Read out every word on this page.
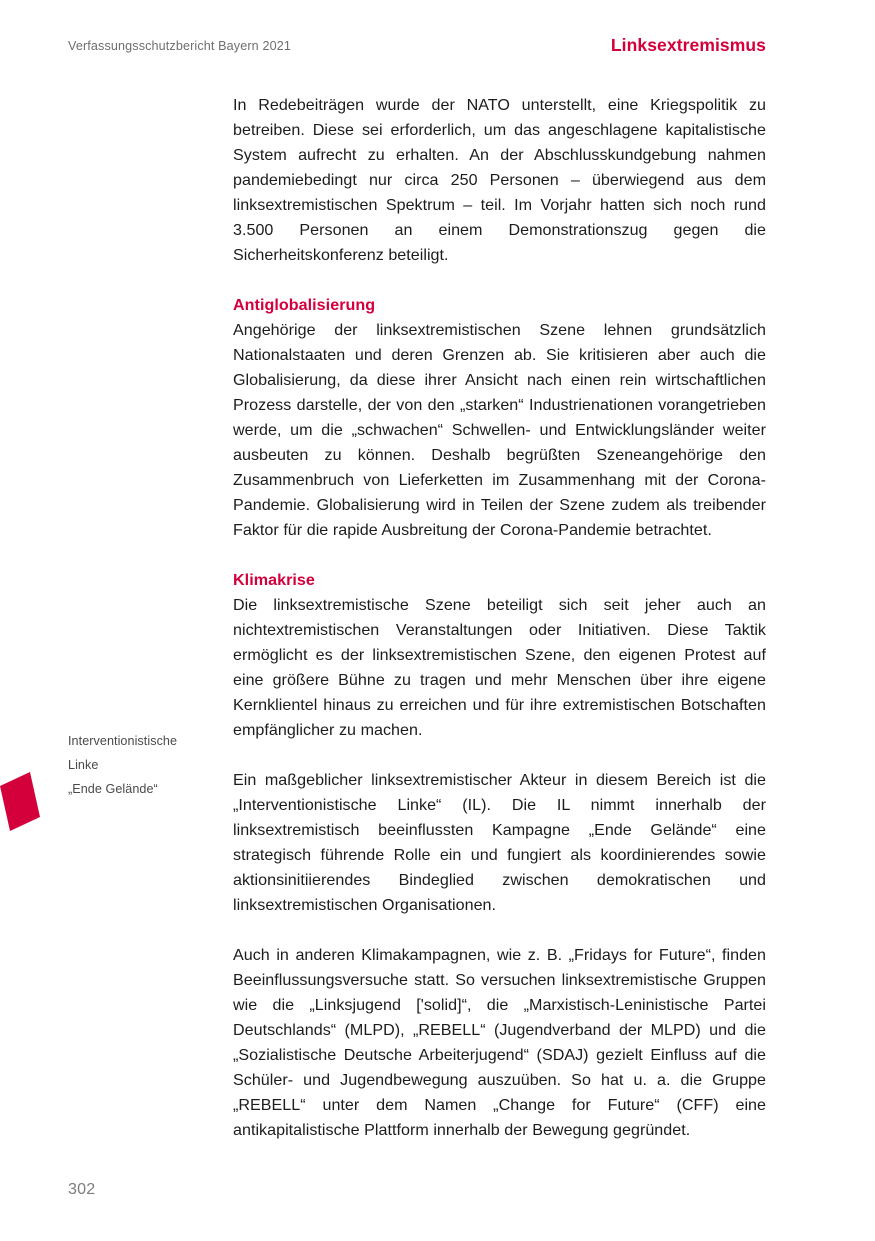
Verfassungsschutzbericht Bayern 2021	Linksextremismus
Interventionistische
Linke
„Ende Gelände“

In Redebeiträgen wurde der NATO unterstellt, eine Kriegspolitik zu betreiben. Diese sei erforderlich, um das angeschlagene kapitalistische System aufrecht zu erhalten. An der Abschlusskundgebung nahmen pandemiebedingt nur circa 250 Personen – überwiegend aus dem linksextremistischen Spektrum – teil. Im Vorjahr hatten sich noch rund 3.500 Personen an einem Demonstrationszug gegen die Sicherheitskonferenz beteiligt.

Antiglobalisierung

Angehörige der linksextremistischen Szene lehnen grundsätzlich Nationalstaaten und deren Grenzen ab. Sie kritisieren aber auch die Globalisierung, da diese ihrer Ansicht nach einen rein wirtschaftlichen Prozess darstelle, der von den „starken“ Industrienationen vorangetrieben werde, um die „schwachen“ Schwellen- und Entwicklungsländer weiter ausbeuten zu können. Deshalb begrüßten Szeneangehörige den Zusammenbruch von Lieferketten im Zusammenhang mit der Corona-Pandemie. Globalisierung wird in Teilen der Szene zudem als treibender Faktor für die rapide Ausbreitung der Corona-Pandemie betrachtet.

Klimakrise

Die linksextremistische Szene beteiligt sich seit jeher auch an nichtextremistischen Veranstaltungen oder Initiativen. Diese Taktik ermöglicht es der linksextremistischen Szene, den eigenen Protest auf eine größere Bühne zu tragen und mehr Menschen über ihre eigene Kernklientel hinaus zu erreichen und für ihre extremistischen Botschaften empfänglicher zu machen.

Ein maßgeblicher linksextremistischer Akteur in diesem Bereich ist die „Interventionistische Linke“ (IL). Die IL nimmt innerhalb der linksextremistisch beeinflussten Kampagne „Ende Gelände“ eine strategisch führende Rolle ein und fungiert als koordinierendes sowie aktionsinitiierendes Bindeglied zwischen demokratischen und linksextremistischen Organisationen.

Auch in anderen Klimakampagnen, wie z. B. „Fridays for Future“, finden Beeinflussungsversuche statt. So versuchen linksextremistische Gruppen wie die „Linksjugend ['solid]“, die „Marxistisch-Leninistische Partei Deutschlands“ (MLPD), „REBELL“ (Jugendverband der MLPD) und die „Sozialistische Deutsche Arbeiterjugend“ (SDAJ) gezielt Einfluss auf die Schüler- und Jugendbewegung auszuüben. So hat u. a. die Gruppe „REBELL“ unter dem Namen „Change for Future“ (CFF) eine antikapitalistische Plattform innerhalb der Bewegung gegründet.

302
